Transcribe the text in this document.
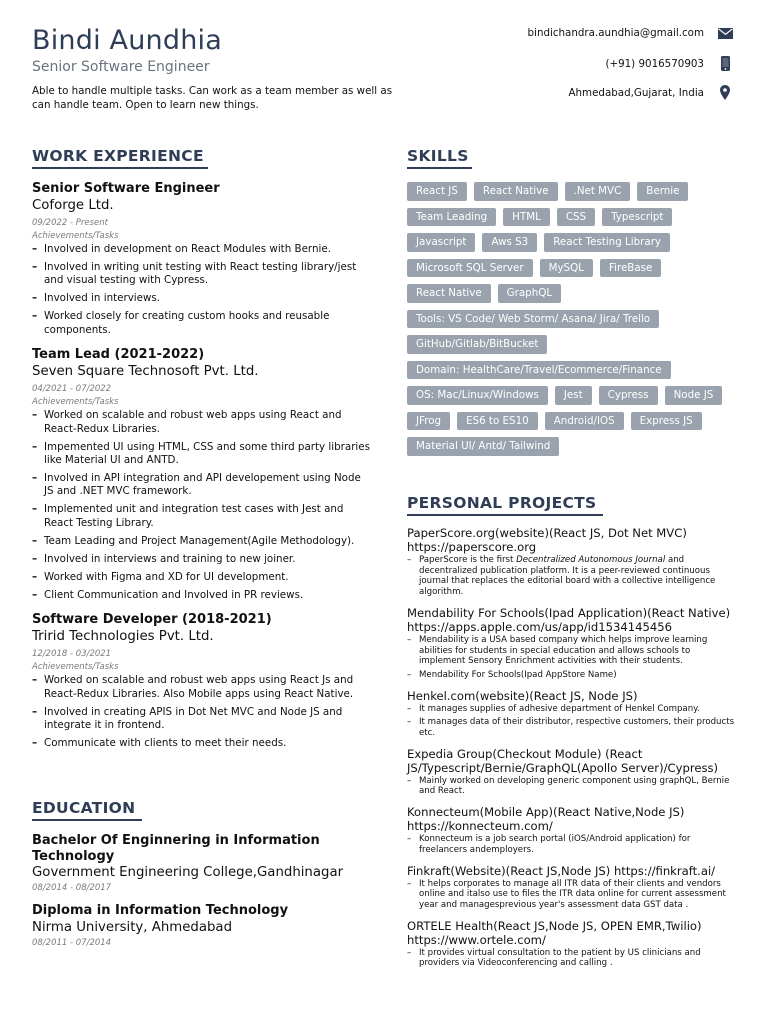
Bindi Aundhia
Senior Software Engineer
Able to handle multiple tasks. Can work as a team member as well as can handle team. Open to learn new things.
bindichandra.aundhia@gmail.com
(+91) 9016570903
Ahmedabad,Gujarat, India
WORK EXPERIENCE
Senior Software Engineer
Coforge Ltd.
09/2022 - Present
Achievements/Tasks
– Involved in development on React Modules with Bernie.
– Involved in writing unit testing with React testing library/jest and visual testing with Cypress.
– Involved in interviews.
– Worked closely for creating custom hooks and reusable components.
Team Lead (2021-2022)
Seven Square Technosoft Pvt. Ltd.
04/2021 - 07/2022
Achievements/Tasks
– Worked on scalable and robust web apps using React and React-Redux Libraries.
– Impemented UI using HTML, CSS and some third party libraries like Material UI and ANTD.
– Involved in API integration and API developement using Node JS and .NET MVC framework.
– Implemented unit and integration test cases with Jest and React Testing Library.
– Team Leading and Project Management(Agile Methodology).
– Involved in interviews and training to new joiner.
– Worked with Figma and XD for UI development.
– Client Communication and Involved in PR reviews.
Software Developer (2018-2021)
Tririd Technologies Pvt. Ltd.
12/2018 - 03/2021
Achievements/Tasks
– Worked on scalable and robust web apps using React Js and React-Redux Libraries. Also Mobile apps using React Native.
– Involved in creating APIS in Dot Net MVC and Node JS and integrate it in frontend.
– Communicate with clients to meet their needs.
EDUCATION
Bachelor Of Enginnering in Information Technology
Government Engineering College,Gandhinagar
08/2014 - 08/2017
Diploma in Information Technology
Nirma University, Ahmedabad
08/2011 - 07/2014
SKILLS
React JS	React Native	.Net MVC	Bernie
Team Leading	HTML	CSS	Typescript
Javascript	Aws S3	React Testing Library
Microsoft SQL Server	MySQL	FireBase
React Native	GraphQL
Tools: VS Code/ Web Storm/ Asana/ Jira/ Trello
GitHub/Gitlab/BitBucket
Domain: HealthCare/Travel/Ecommerce/Finance
OS: Mac/Linux/Windows	Jest	Cypress	Node JS
JFrog	ES6 to ES10	Android/IOS	Express JS
Material UI/ Antd/ Tailwind
PERSONAL PROJECTS
PaperScore.org(website)(React JS, Dot Net MVC)
https://paperscore.org
– PaperScore is the first Decentralized Autonomous Journal and decentralized publication platform. It is a peer-reviewed continuous journal that replaces the editorial board with a collective intelligence algorithm.
Mendability For Schools(Ipad Application)(React Native)
https://apps.apple.com/us/app/id1534145456
– Mendability is a USA based company which helps improve learning abilities for students in special education and allows schools to implement Sensory Enrichment activities with their students.
– Mendability For Schools(Ipad AppStore Name)
Henkel.com(website)(React JS, Node JS)
– It manages supplies of adhesive department of Henkel Company.
– It manages data of their distributor, respective customers, their products etc.
Expedia Group(Checkout Module) (React JS/Typescript/Bernie/GraphQL(Apollo Server)/Cypress)
– Mainly worked on developing generic component using graphQL, Bernie and React.
Konnecteum(Mobile App)(React Native,Node JS)
https://konnecteum.com/
– Konnecteum is a job search portal (iOS/Android application) for freelancers andemployers.
Finkraft(Website)(React JS,Node JS) https://finkraft.ai/
– It helps corporates to manage all ITR data of their clients and vendors online and italso use to files the ITR data online for current assessment year and managesprevious year's assessment data GST data .
ORTELE Health(React JS,Node JS, OPEN EMR,Twilio)
https://www.ortele.com/
– It provides virtual consultation to the patient by US clinicians and providers via Videoconferencing and calling .
